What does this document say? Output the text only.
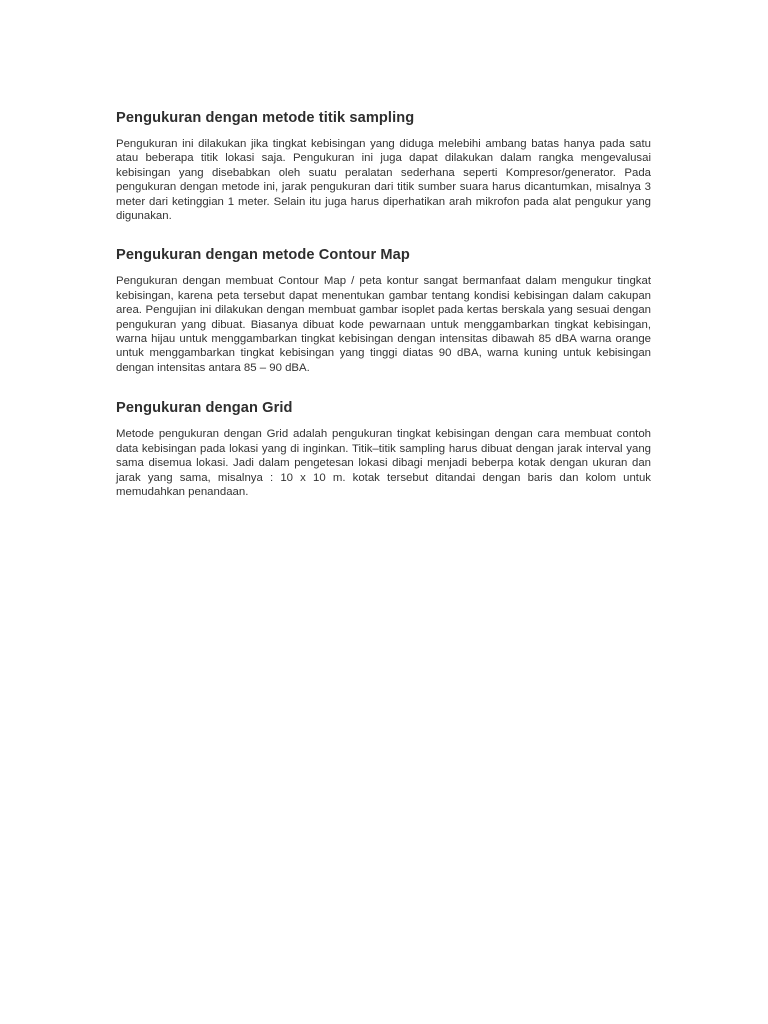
Pengukuran dengan metode titik sampling

Pengukuran ini dilakukan jika tingkat kebisingan yang diduga melebihi ambang batas hanya pada satu atau beberapa titik lokasi saja. Pengukuran ini juga dapat dilakukan dalam rangka mengevalusai kebisingan yang disebabkan oleh suatu peralatan sederhana seperti Kompresor/generator. Pada pengukuran dengan metode ini, jarak pengukuran dari titik sumber suara harus dicantumkan, misalnya 3 meter dari ketinggian 1 meter. Selain itu juga harus diperhatikan arah mikrofon pada alat pengukur yang digunakan.

Pengukuran dengan metode Contour Map

Pengukuran dengan membuat Contour Map / peta kontur sangat bermanfaat dalam mengukur tingkat kebisingan, karena peta tersebut dapat menentukan gambar tentang kondisi kebisingan dalam cakupan area. Pengujian ini dilakukan dengan membuat gambar isoplet pada kertas berskala yang sesuai dengan pengukuran yang dibuat. Biasanya dibuat kode pewarnaan untuk menggambarkan tingkat kebisingan, warna hijau untuk menggambarkan tingkat kebisingan dengan intensitas dibawah 85 dBA warna orange untuk menggambarkan tingkat kebisingan yang tinggi diatas 90 dBA, warna kuning untuk kebisingan dengan intensitas antara 85 – 90 dBA.

Pengukuran dengan Grid

Metode pengukuran dengan Grid adalah pengukuran tingkat kebisingan dengan cara membuat contoh data kebisingan pada lokasi yang di inginkan. Titik–titik sampling harus dibuat dengan jarak interval yang sama disemua lokasi. Jadi dalam pengetesan lokasi dibagi menjadi beberpa kotak dengan ukuran dan jarak yang sama, misalnya : 10 x 10 m. kotak tersebut ditandai dengan baris dan kolom untuk memudahkan penandaan.
